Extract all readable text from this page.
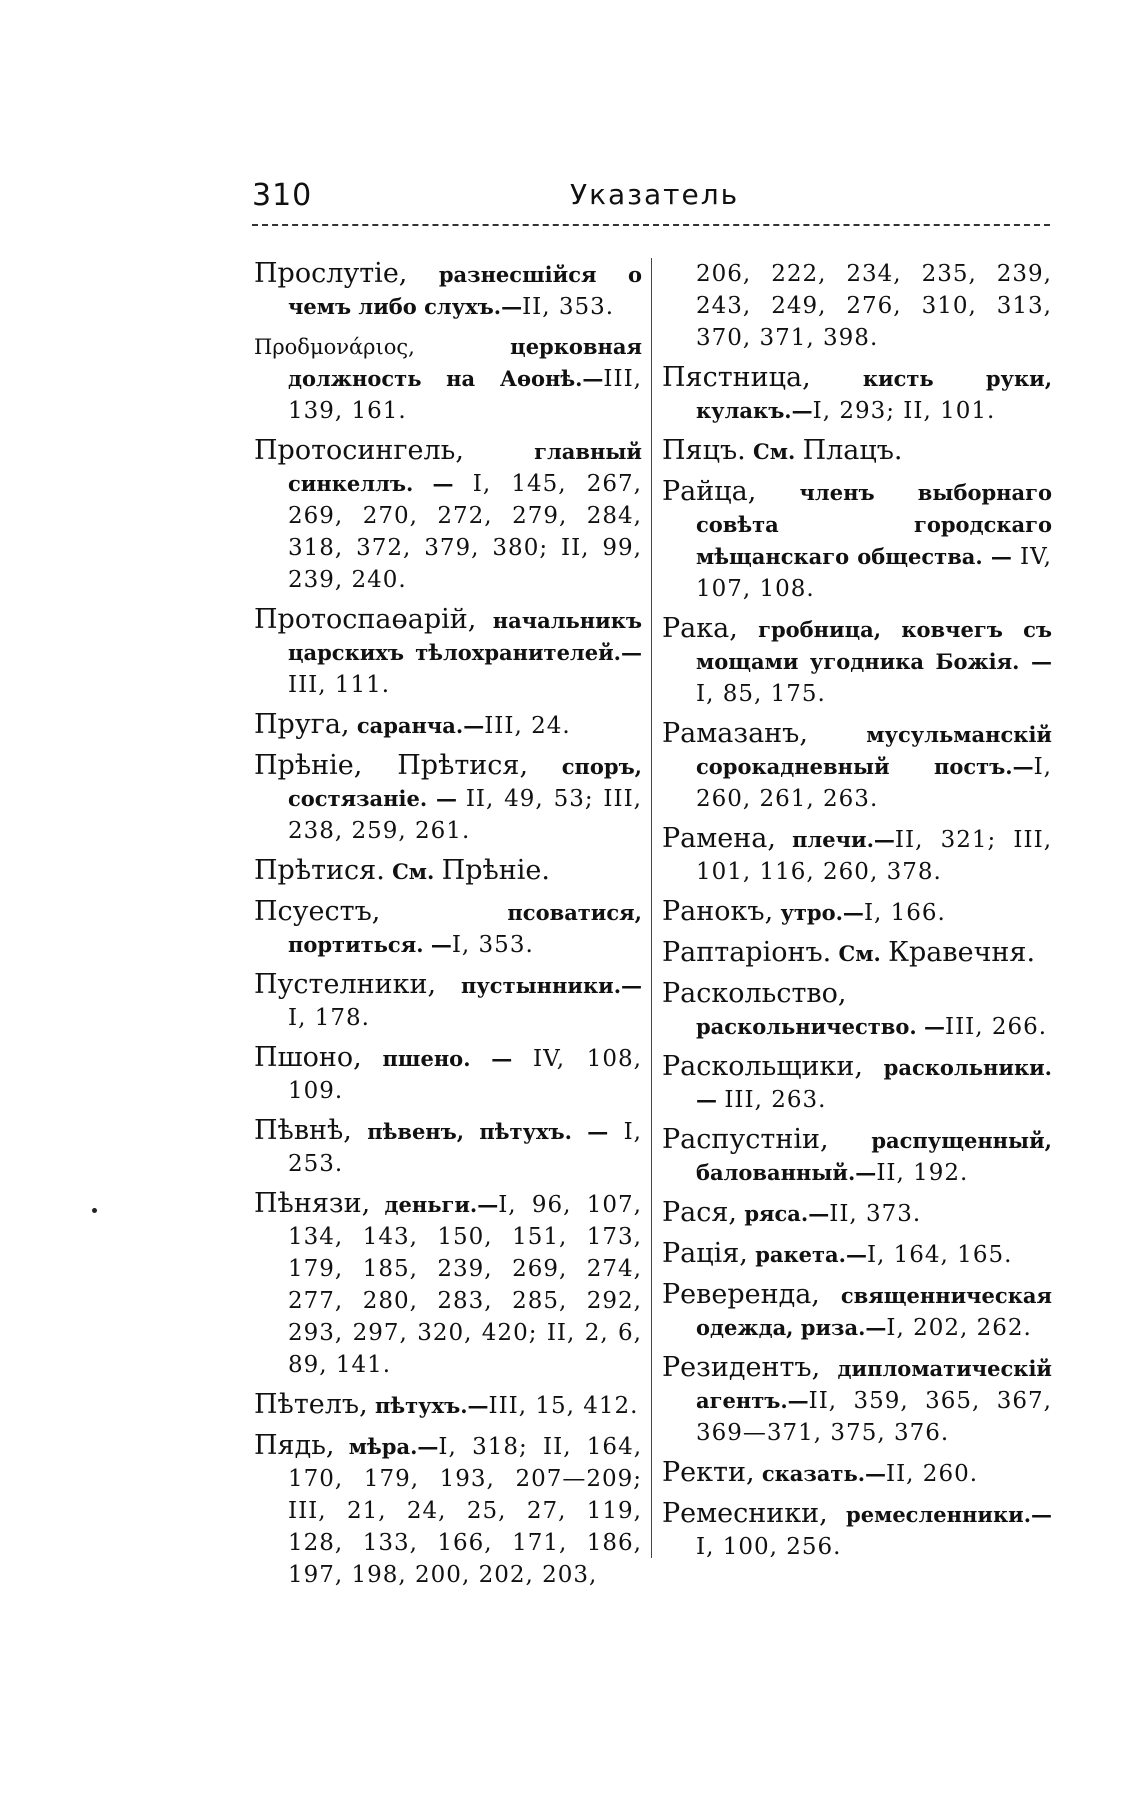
310	Указатель

Прослутіе, разнесшійся о чемъ либо слухъ.—II, 353.

Προδμονάριος, церковная должность на Аөонѣ.—III, 139, 161.

Протосингель, главный синкеллъ. — I, 145, 267, 269, 270, 272, 279, 284, 318, 372, 379, 380; II, 99, 239, 240.

Протоспаөарій, начальникъ царскихъ тѣлохранителей.—III, 111.

Пруга, саранча.—III, 24.

Прѣніе, Прѣтися, споръ, состязаніе. — II, 49, 53; III, 238, 259, 261.

Прѣтися. См. Прѣніе.

Псуестъ, псоватися, портиться. —I, 353.

Пустелники, пустынники.—I, 178.

Пшоно, пшено. — IV, 108, 109.

Пѣвнѣ, пѣвенъ, пѣтухъ. — I, 253.

Пѣнязи, деньги.—I, 96, 107, 134, 143, 150, 151, 173, 179, 185, 239, 269, 274, 277, 280, 283, 285, 292, 293, 297, 320, 420; II, 2, 6, 89, 141.

Пѣтелъ, пѣтухъ.—III, 15, 412.

Пядь, мѣра.—I, 318; II, 164, 170, 179, 193, 207—209; III, 21, 24, 25, 27, 119, 128, 133, 166, 171, 186, 197, 198, 200, 202, 203,

206, 222, 234, 235, 239, 243, 249, 276, 310, 313, 370, 371, 398.

Пястница, кисть руки, кулакъ.—I, 293; II, 101.

Пяцъ. См. Плацъ.

Райца, членъ выборнаго совѣта городскаго мѣщанскаго общества. — IV, 107, 108.

Рака, гробница, ковчегъ съ мощами угодника Божія. — I, 85, 175.

Рамазанъ, мусульманскій сорокадневный постъ.—I, 260, 261, 263.

Рамена, плечи.—II, 321; III, 101, 116, 260, 378.

Ранокъ, утро.—I, 166.

Раптаріонъ. См. Кравечня.

Раскольство, раскольничество. —III, 266.

Раскольщики, раскольники.— III, 263.

Распустніи, распущенный, балованный.—II, 192.

Рася, ряса.—II, 373.

Рація, ракета.—I, 164, 165.

Реверенда, священническая одежда, риза.—I, 202, 262.

Резидентъ, дипломатическій агентъ.—II, 359, 365, 367, 369—371, 375, 376.

Ректи, сказать.—II, 260.

Ремесники, ремесленники.— I, 100, 256.
